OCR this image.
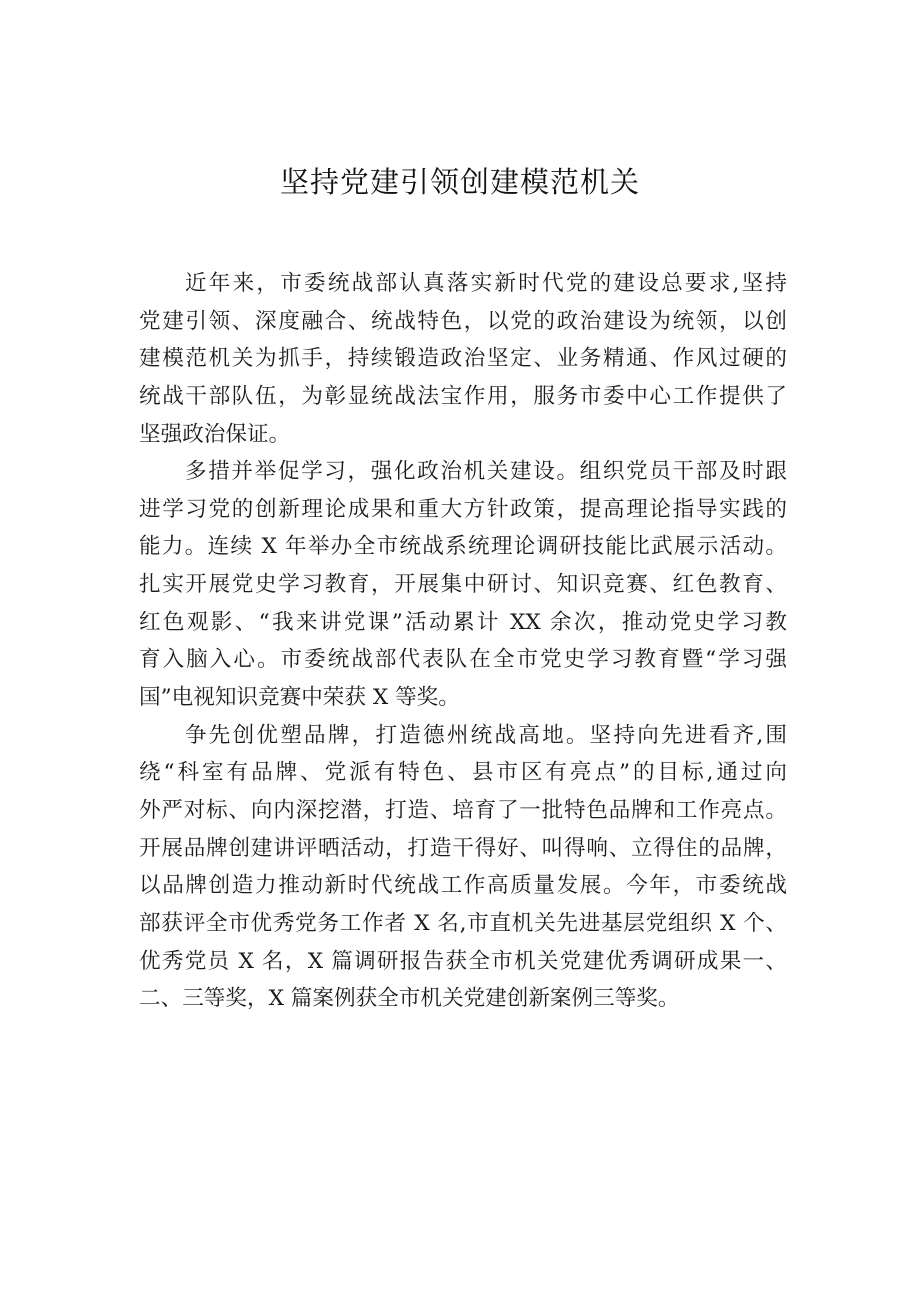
坚持党建引领创建模范机关
近年来，市委统战部认真落实新时代党的建设总要求,坚持
党建引领、深度融合、统战特色，以党的政治建设为统领，以创
建模范机关为抓手，持续锻造政治坚定、业务精通、作风过硬的
统战干部队伍，为彰显统战法宝作用，服务市委中心工作提供了
坚强政治保证。
多措并举促学习，强化政治机关建设。组织党员干部及时跟
进学习党的创新理论成果和重大方针政策，提高理论指导实践的
能力。连续 X 年举办全市统战系统理论调研技能比武展示活动。
扎实开展党史学习教育，开展集中研讨、知识竞赛、红色教育、
红色观影、“我来讲党课”活动累计 XX 余次，推动党史学习教
育入脑入心。市委统战部代表队在全市党史学习教育暨“学习强
国”电视知识竞赛中荣获 X 等奖。
争先创优塑品牌，打造德州统战高地。坚持向先进看齐,围
绕“科室有品牌、党派有特色、县市区有亮点”的目标,通过向
外严对标、向内深挖潜，打造、培育了一批特色品牌和工作亮点。
开展品牌创建讲评晒活动，打造干得好、叫得响、立得住的品牌，
以品牌创造力推动新时代统战工作高质量发展。今年，市委统战
部获评全市优秀党务工作者 X 名,市直机关先进基层党组织 X 个、
优秀党员 X 名，X 篇调研报告获全市机关党建优秀调研成果一、
二、三等奖，X 篇案例获全市机关党建创新案例三等奖。
